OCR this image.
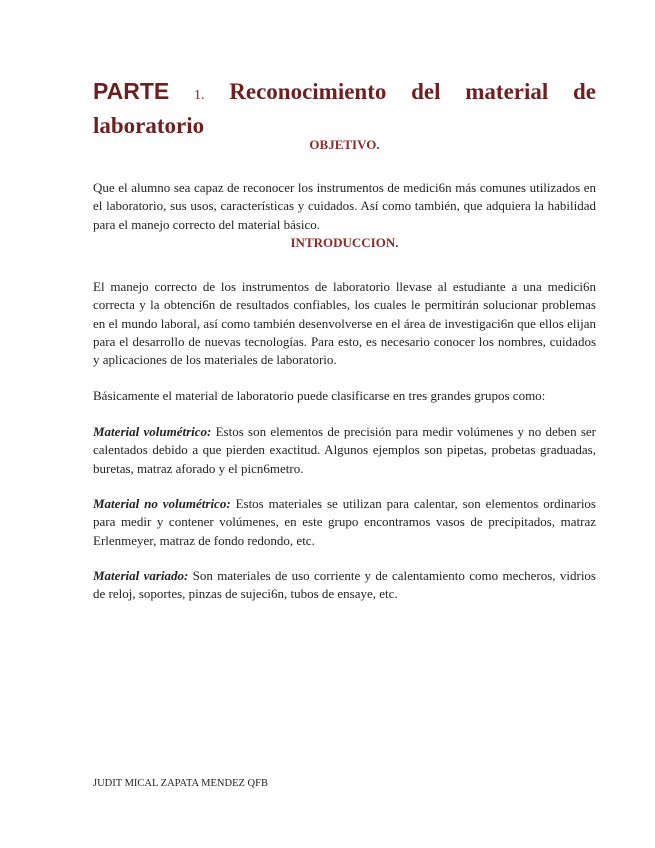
PARTE 1. Reconocimiento del material de laboratorio

OBJETIVO.

Que el alumno sea capaz de reconocer los instrumentos de medici6n más comunes utilizados en el laboratorio, sus usos, características y cuidados. Así como también, que adquiera la habilidad para el manejo correcto del material básico.

INTRODUCCION.

El manejo correcto de los instrumentos de laboratorio llevase al estudiante a una medici6n correcta y la obtenci6n de resultados confiables, los cuales le permitirán solucionar problemas en el mundo laboral, así como también desenvolverse en el área de investigaci6n que ellos elijan para el desarrollo de nuevas tecnologías. Para esto, es necesario conocer los nombres, cuidados y aplicaciones de los materiales de laboratorio.

Básicamente el material de laboratorio puede clasificarse en tres grandes grupos como:

Material volumétrico: Estos son elementos de precisión para medir volúmenes y no deben ser calentados debido a que pierden exactitud. Algunos ejemplos son pipetas, probetas graduadas, buretas, matraz aforado y el picn6metro.

Material no volumétrico: Estos materiales se utilizan para calentar, son elementos ordinarios para medir y contener volúmenes, en este grupo encontramos vasos de precipitados, matraz Erlenmeyer, matraz de fondo redondo, etc.

Material variado: Son materiales de uso corriente y de calentamiento como mecheros, vidrios de reloj, soportes, pinzas de sujeci6n, tubos de ensaye, etc.

JUDIT MICAL ZAPATA MENDEZ QFB
